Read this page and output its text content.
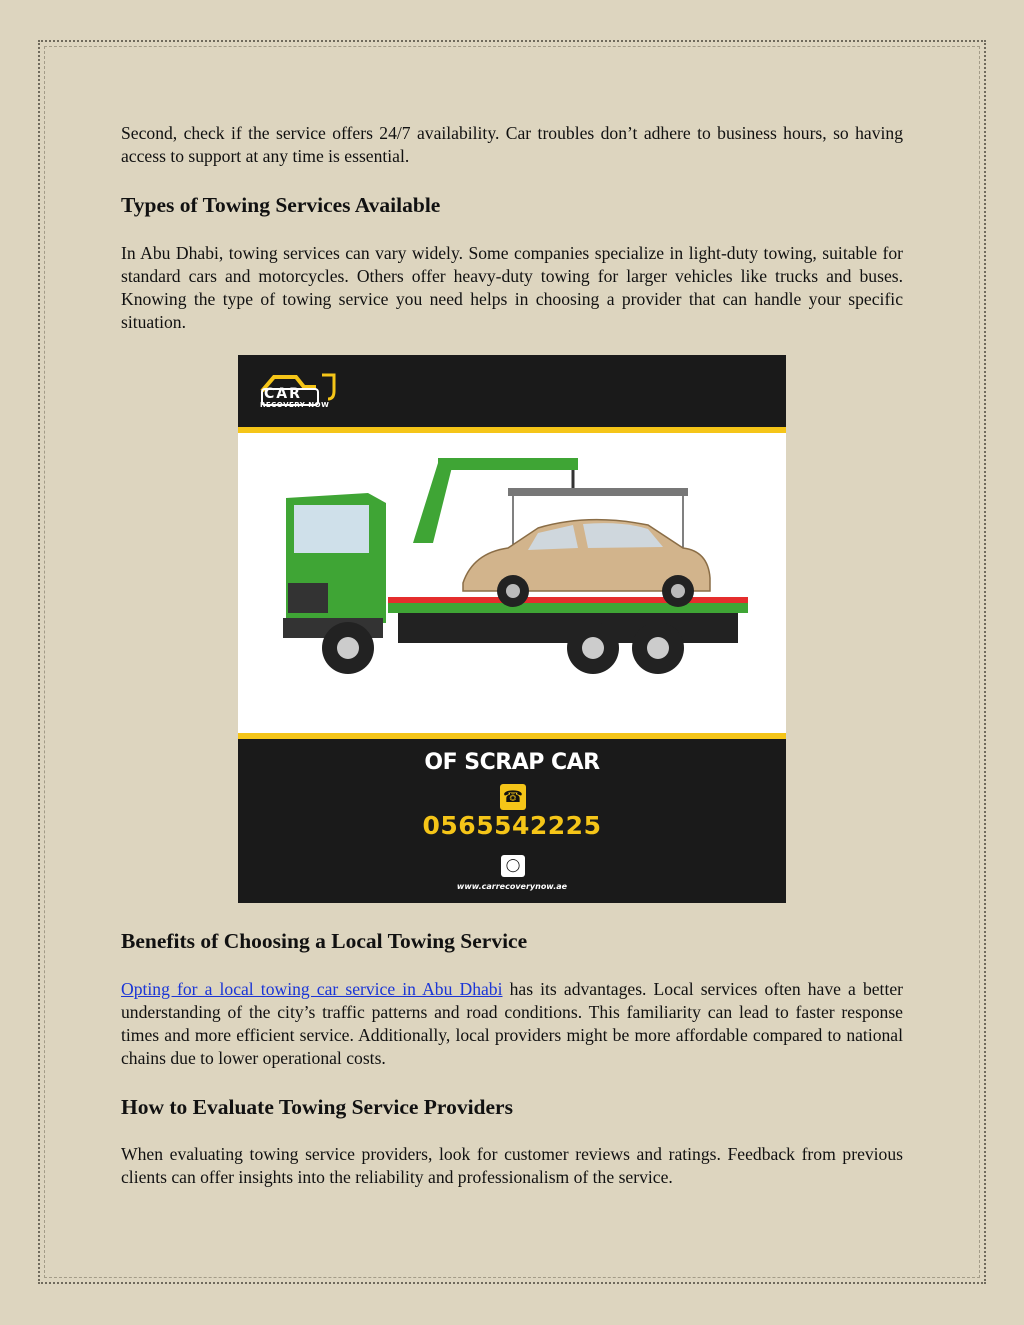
Second, check if the service offers 24/7 availability. Car troubles don’t adhere to business hours, so having access to support at any time is essential.

Types of Towing Services Available

In Abu Dhabi, towing services can vary widely. Some companies specialize in light-duty towing, suitable for standard cars and motorcycles. Others offer heavy-duty towing for larger vehicles like trucks and buses. Knowing the type of towing service you need helps in choosing a provider that can handle your specific situation.

Benefits of Choosing a Local Towing Service

Opting for a local towing car service in Abu Dhabi has its advantages. Local services often have a better understanding of the city’s traffic patterns and road conditions. This familiarity can lead to faster response times and more efficient service. Additionally, local providers might be more affordable compared to national chains due to lower operational costs.

How to Evaluate Towing Service Providers

When evaluating towing service providers, look for customer reviews and ratings. Feedback from previous clients can offer insights into the reliability and professionalism of the service.

CAR
RECOVERY NOW
TOWING SERVICE FOR TRANSPORTATION
OF SCRAP CAR
☎
0565542225
◯
www.carrecoverynow.ae
